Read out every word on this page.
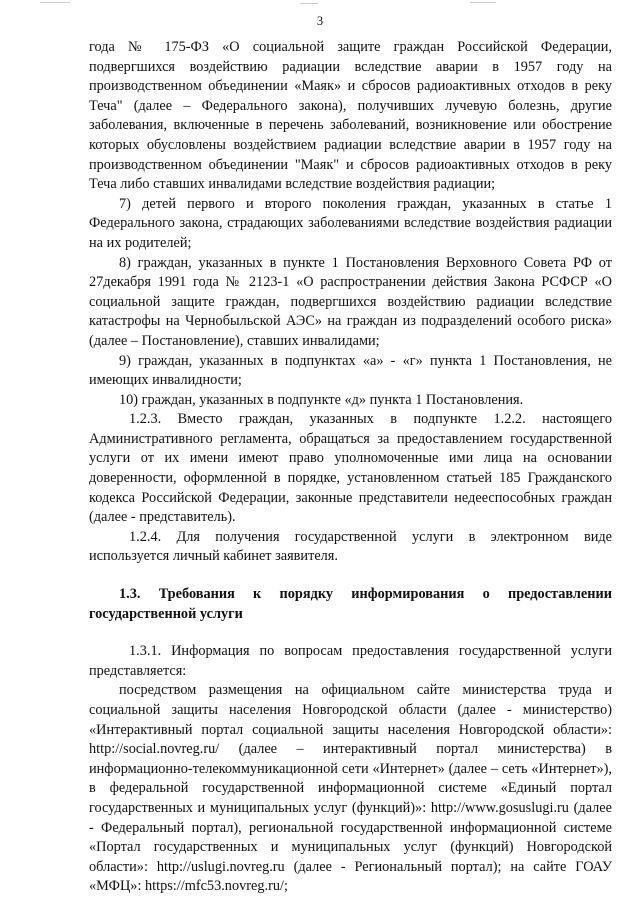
3

года № 175-ФЗ «О социальной защите граждан Российской Федерации, подвергшихся воздействию радиации вследствие аварии в 1957 году на производственном объединении «Маяк» и сбросов радиоактивных отходов в реку Теча" (далее – Федерального закона), получивших лучевую болезнь, другие заболевания, включенные в перечень заболеваний, возникновение или обострение которых обусловлены воздействием радиации вследствие аварии в 1957 году на производственном объединении "Маяк" и сбросов радиоактивных отходов в реку Теча либо ставших инвалидами вследствие воздействия радиации;

7) детей первого и второго поколения граждан, указанных в статье 1 Федерального закона, страдающих заболеваниями вследствие воздействия радиации на их родителей;

8) граждан, указанных в пункте 1 Постановления Верховного Совета РФ от 27декабря 1991 года № 2123-1 «О распространении действия Закона РСФСР «О социальной защите граждан, подвергшихся воздействию радиации вследствие катастрофы на Чернобыльской АЭС» на граждан из подразделений особого риска» (далее – Постановление), ставших инвалидами;

9) граждан, указанных в подпунктах «а» - «г» пункта 1 Постановления, не имеющих инвалидности;

10) граждан, указанных в подпункте «д» пункта 1 Постановления.

1.2.3. Вместо граждан, указанных в подпункте 1.2.2. настоящего Административного регламента, обращаться за предоставлением государственной услуги от их имени имеют право уполномоченные ими лица на основании доверенности, оформленной в порядке, установленном статьей 185 Гражданского кодекса Российской Федерации, законные представители недееспособных граждан (далее - представитель).

1.2.4. Для получения государственной услуги в электронном виде используется личный кабинет заявителя.

1.3. Требования к порядку информирования о предоставлении государственной услуги

1.3.1. Информация по вопросам предоставления государственной услуги представляется:

посредством размещения на официальном сайте министерства труда и социальной защиты населения Новгородской области (далее - министерство) «Интерактивный портал социальной защиты населения Новгородской области»: http://social.novreg.ru/ (далее – интерактивный портал министерства) в информационно-телекоммуникационной сети «Интернет» (далее – сеть «Интернет»), в федеральной государственной информационной системе «Единый портал государственных и муниципальных услуг (функций)»: http://www.gosuslugi.ru (далее - Федеральный портал), региональной государственной информационной системе «Портал государственных и муниципальных услуг (функций) Новгородской области»: http://uslugi.novreg.ru (далее - Региональный портал); на сайте ГОАУ «МФЦ»: https://mfc53.novreg.ru/;
